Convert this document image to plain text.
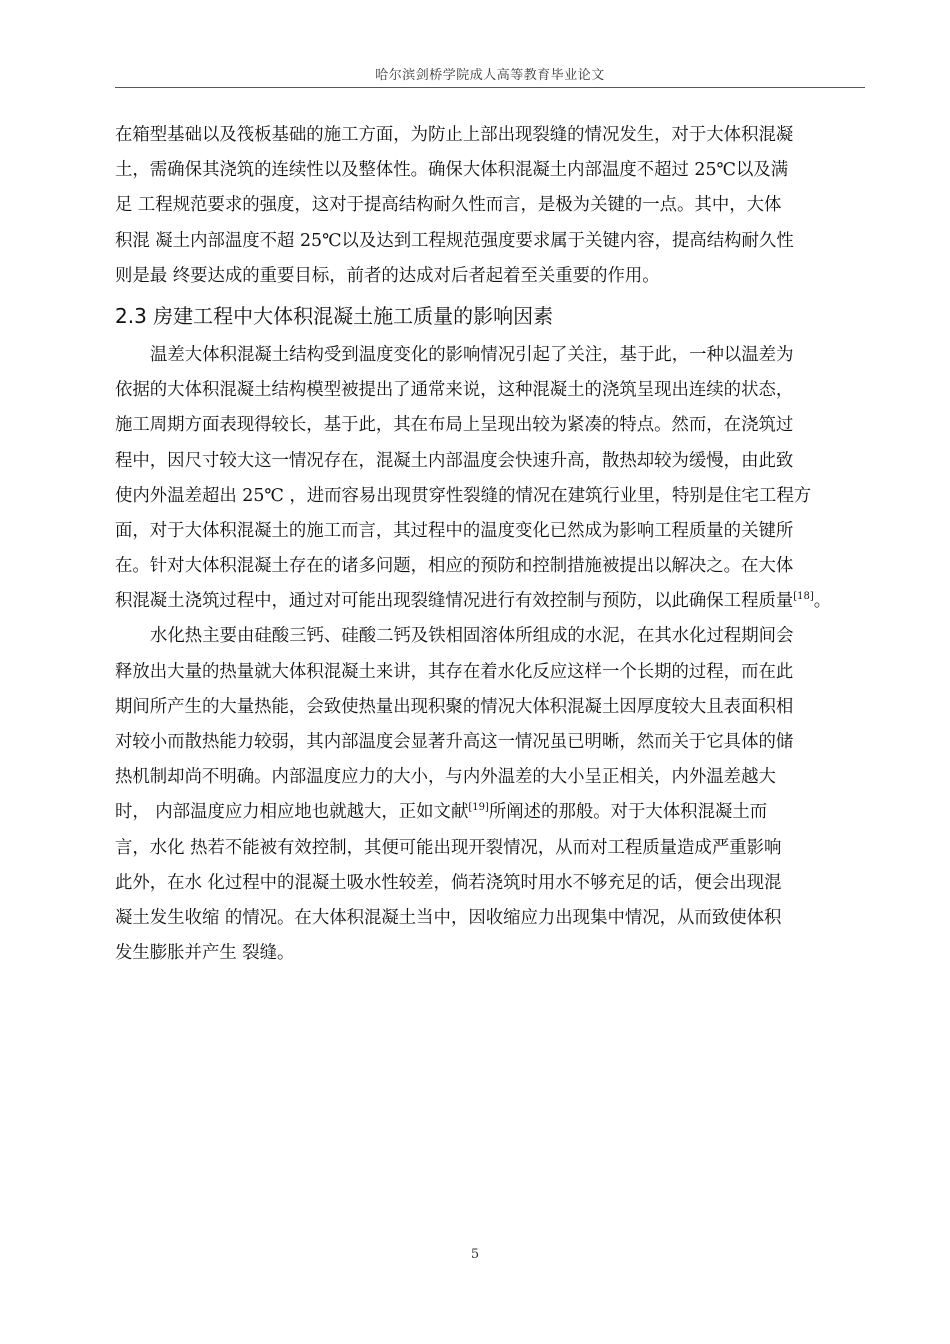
哈尔滨剑桥学院成人高等教育毕业论文
在箱型基础以及筏板基础的施工方面，为防止上部出现裂缝的情况发生，对于大体积混凝
土，需确保其浇筑的连续性以及整体性。确保大体积混凝土内部温度不超过 25℃以及满
足 工程规范要求的强度，这对于提高结构耐久性而言，是极为关键的一点。其中，大体
积混 凝土内部温度不超 25℃以及达到工程规范强度要求属于关键内容，提高结构耐久性
则是最 终要达成的重要目标，前者的达成对后者起着至关重要的作用。
2.3 房建工程中大体积混凝土施工质量的影响因素
温差大体积混凝土结构受到温度变化的影响情况引起了关注，基于此，一种以温差为
依据的大体积混凝土结构模型被提出了通常来说，这种混凝土的浇筑呈现出连续的状态，
施工周期方面表现得较长，基于此，其在布局上呈现出较为紧凑的特点。然而，在浇筑过
程中，因尺寸较大这一情况存在，混凝土内部温度会快速升高，散热却较为缓慢，由此致
使内外温差超出 25℃ ，进而容易出现贯穿性裂缝的情况在建筑行业里，特别是住宅工程方
面，对于大体积混凝土的施工而言，其过程中的温度变化已然成为影响工程质量的关键所
在。针对大体积混凝土存在的诸多问题，相应的预防和控制措施被提出以解决之。在大体
积混凝土浇筑过程中，通过对可能出现裂缝情况进行有效控制与预防，以此确保工程质量[18]。
水化热主要由硅酸三钙、硅酸二钙及铁相固溶体所组成的水泥，在其水化过程期间会
释放出大量的热量就大体积混凝土来讲，其存在着水化反应这样一个长期的过程，而在此
期间所产生的大量热能，会致使热量出现积聚的情况大体积混凝土因厚度较大且表面积相
对较小而散热能力较弱，其内部温度会显著升高这一情况虽已明晰，然而关于它具体的储
热机制却尚不明确。内部温度应力的大小，与内外温差的大小呈正相关，内外温差越大
时， 内部温度应力相应地也就越大，正如文献[19]所阐述的那般。对于大体积混凝土而
言，水化 热若不能被有效控制，其便可能出现开裂情况，从而对工程质量造成严重影响
此外，在水 化过程中的混凝土吸水性较差，倘若浇筑时用水不够充足的话，便会出现混
凝土发生收缩 的情况。在大体积混凝土当中，因收缩应力出现集中情况，从而致使体积
发生膨胀并产生 裂缝。
5
